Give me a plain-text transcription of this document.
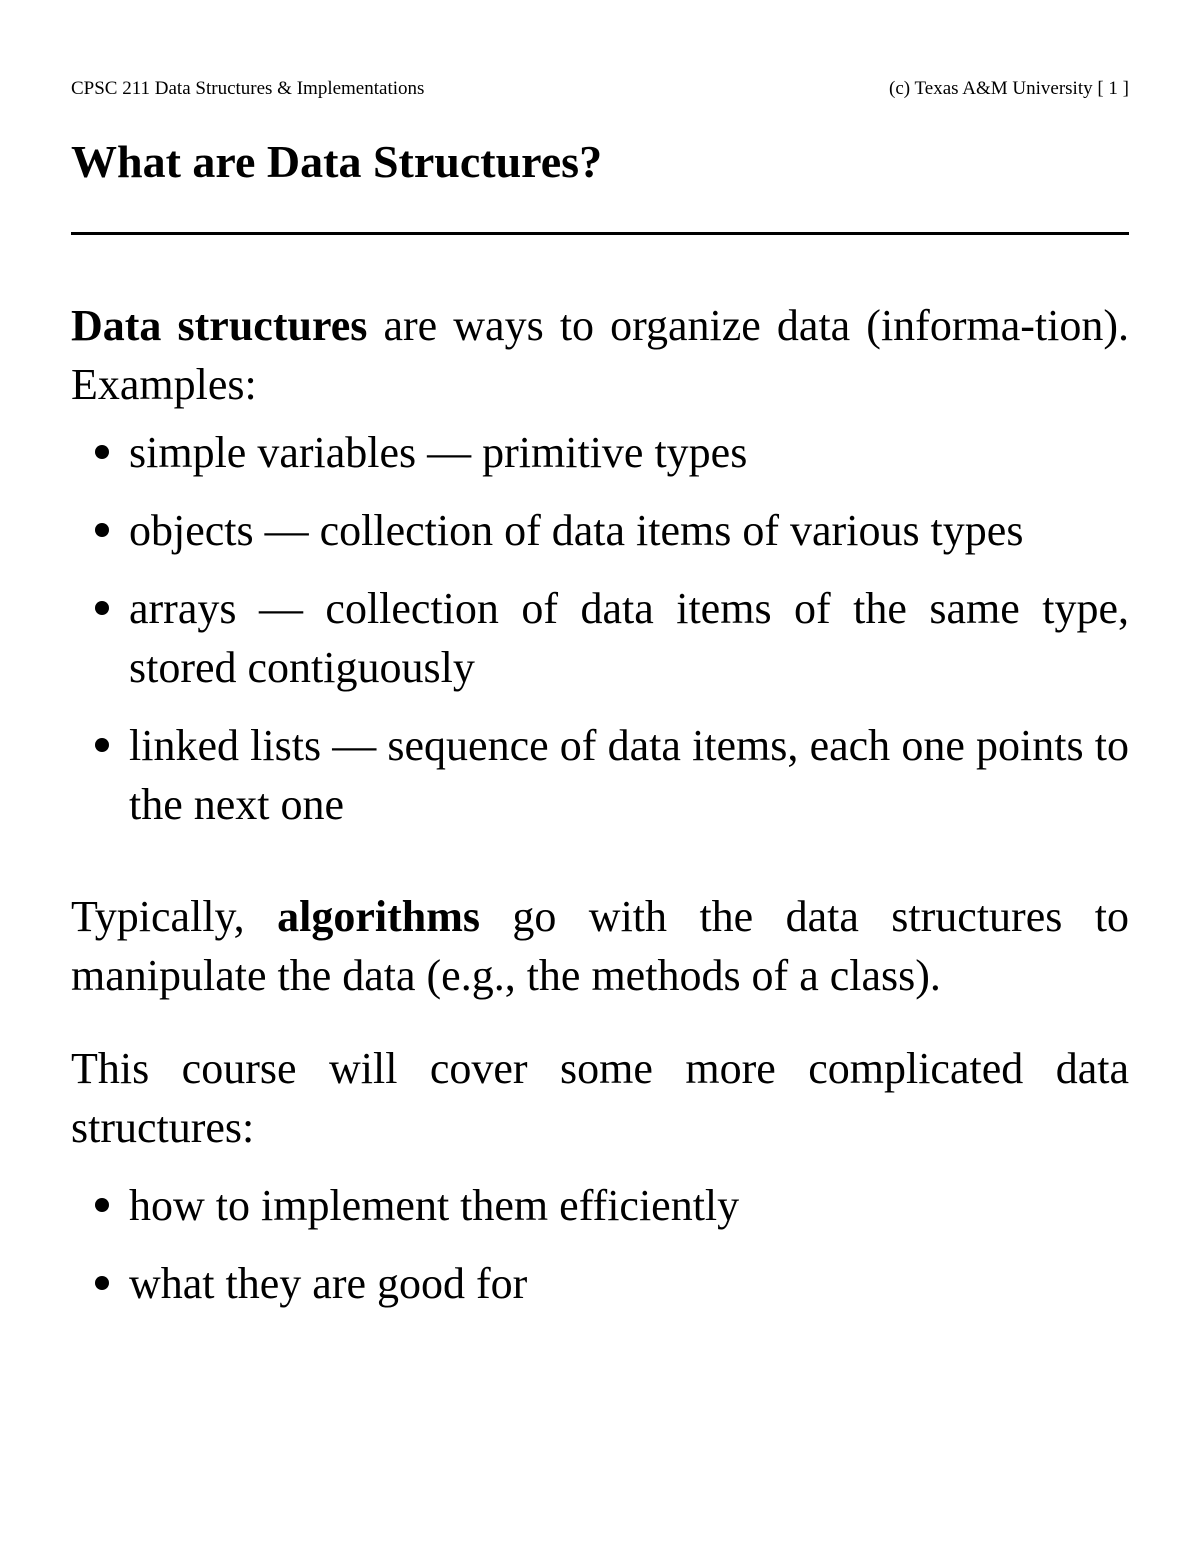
CPSC 211 Data Structures & Implementations	(c) Texas A&M University [ 1 ]
What are Data Structures?

Data structures are ways to organize data (informa-tion). Examples:

simple variables — primitive types
objects — collection of data items of various types
arrays — collection of data items of the same type, stored contiguously
linked lists — sequence of data items, each one points to the next one

Typically, algorithms go with the data structures to manipulate the data (e.g., the methods of a class).

This course will cover some more complicated data structures:

how to implement them efficiently
what they are good for
